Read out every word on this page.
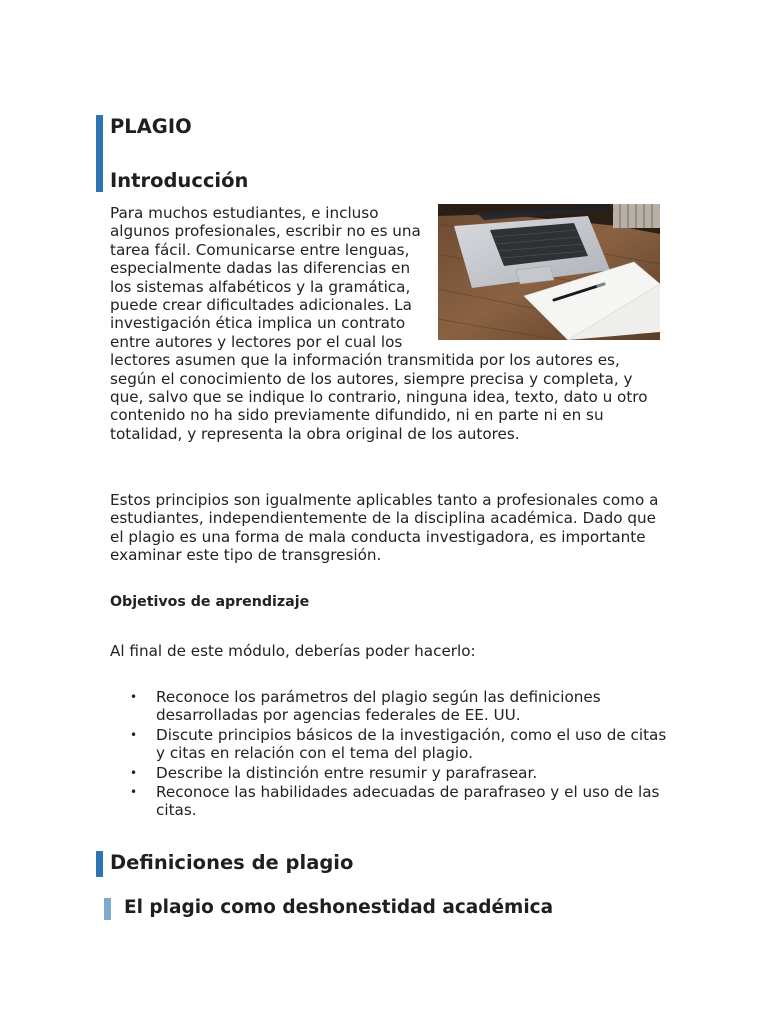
PLAGIO
Introducción

Para muchos estudiantes, e incluso algunos profesionales, escribir no es una tarea fácil. Comunicarse entre lenguas, especialmente dadas las diferencias en los sistemas alfabéticos y la gramática, puede crear dificultades adicionales. La investigación ética implica un contrato entre autores y lectores por el cual los lectores asumen que la información transmitida por los autores es, según el conocimiento de los autores, siempre precisa y completa, y que, salvo que se indique lo contrario, ninguna idea, texto, dato u otro contenido no ha sido previamente difundido, ni en parte ni en su totalidad, y representa la obra original de los autores.

Estos principios son igualmente aplicables tanto a profesionales como a estudiantes, independientemente de la disciplina académica. Dado que el plagio es una forma de mala conducta investigadora, es importante examinar este tipo de transgresión.

Objetivos de aprendizaje

Al final de este módulo, deberías poder hacerlo:

• Reconoce los parámetros del plagio según las definiciones desarrolladas por agencias federales de EE. UU.
• Discute principios básicos de la investigación, como el uso de citas y citas en relación con el tema del plagio.
• Describe la distinción entre resumir y parafrasear.
• Reconoce las habilidades adecuadas de parafraseo y el uso de las citas.
Definiciones de plagio
El plagio como deshonestidad académica
